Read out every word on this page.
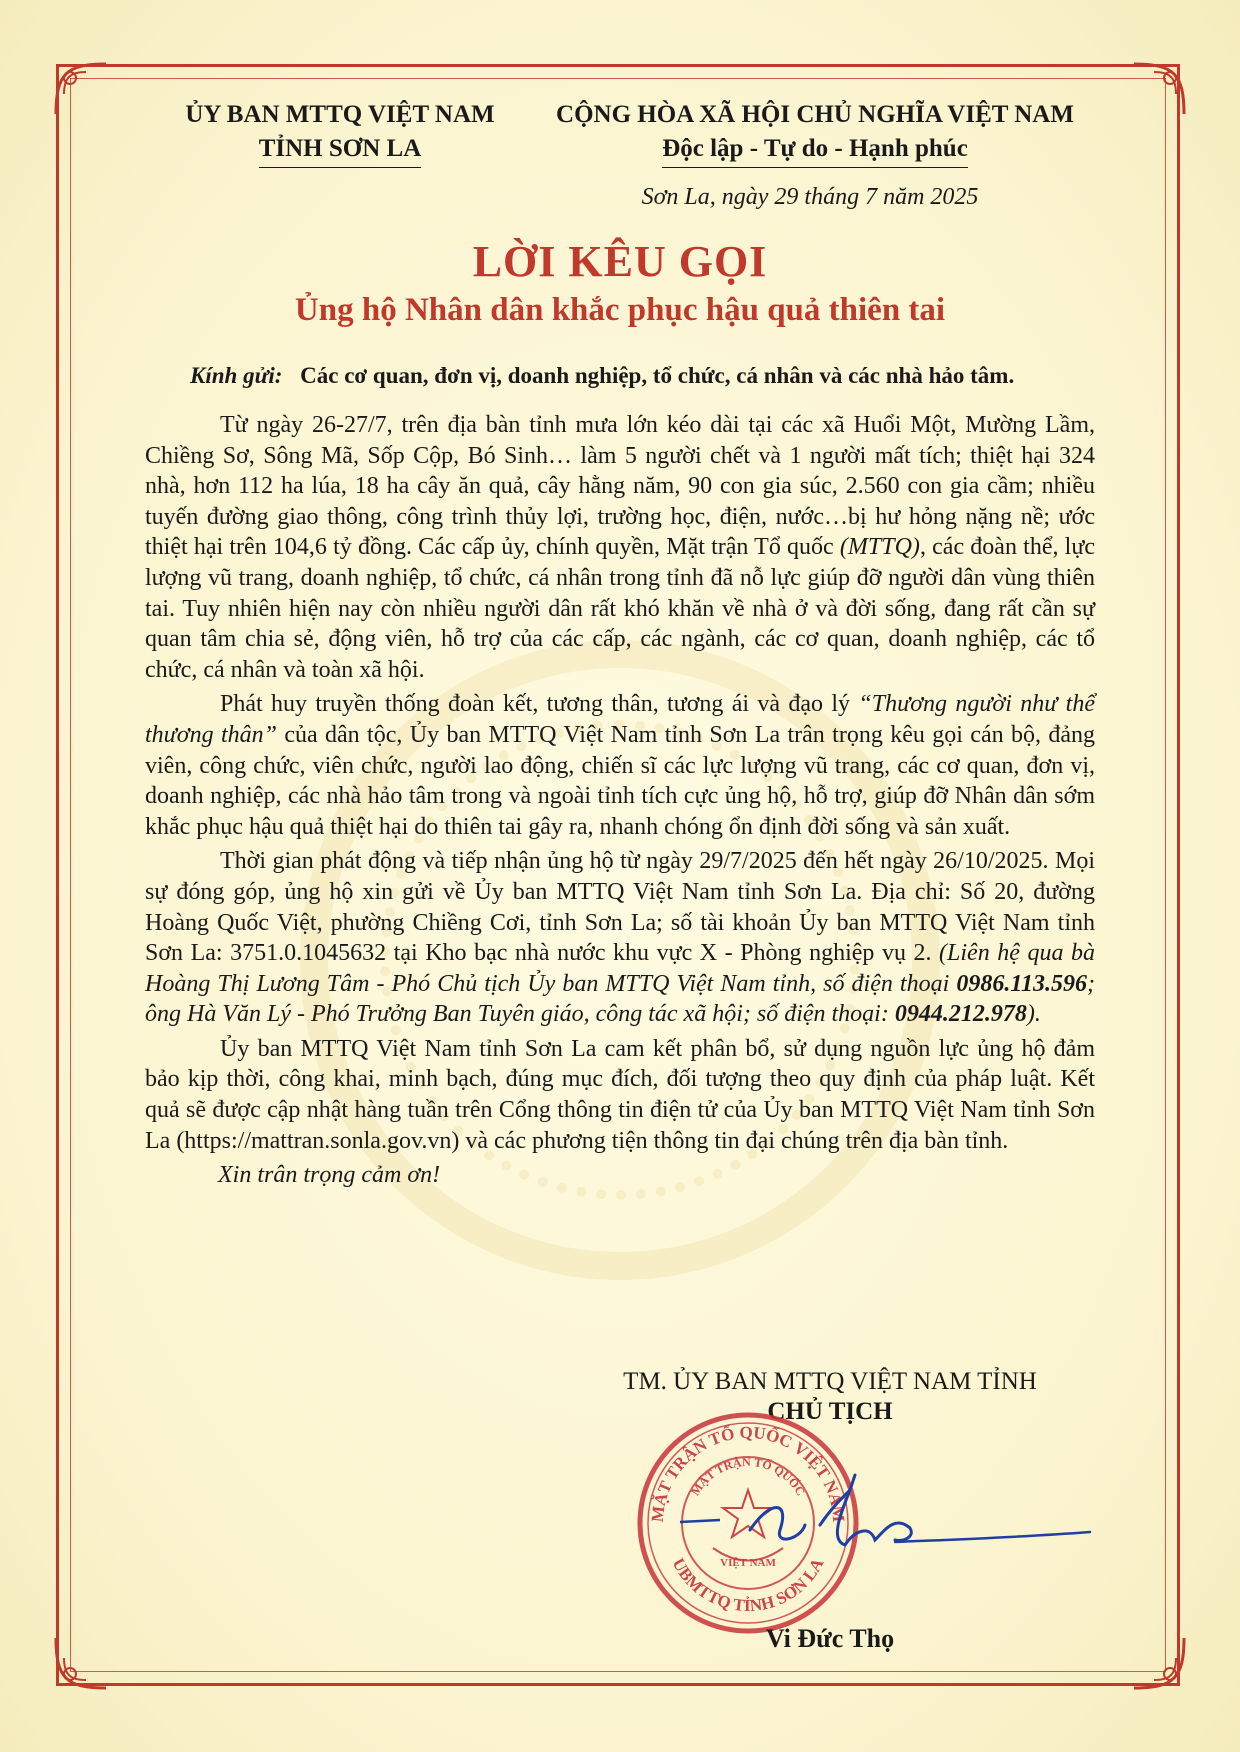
ỦY BAN MTTQ VIỆT NAM
TỈNH SƠN LA
CỘNG HÒA XÃ HỘI CHỦ NGHĨA VIỆT NAM
Độc lập - Tự do - Hạnh phúc
Sơn La, ngày 29 tháng 7 năm 2025
LỜI KÊU GỌI
Ủng hộ Nhân dân khắc phục hậu quả thiên tai
Kính gửi: Các cơ quan, đơn vị, doanh nghiệp, tổ chức, cá nhân và các nhà hảo tâm.

Từ ngày 26-27/7, trên địa bàn tỉnh mưa lớn kéo dài tại các xã Huổi Một, Mường Lầm, Chiềng Sơ, Sông Mã, Sốp Cộp, Bó Sinh… làm 5 người chết và 1 người mất tích; thiệt hại 324 nhà, hơn 112 ha lúa, 18 ha cây ăn quả, cây hằng năm, 90 con gia súc, 2.560 con gia cầm; nhiều tuyến đường giao thông, công trình thủy lợi, trường học, điện, nước…bị hư hỏng nặng nề; ước thiệt hại trên 104,6 tỷ đồng. Các cấp ủy, chính quyền, Mặt trận Tổ quốc (MTTQ), các đoàn thể, lực lượng vũ trang, doanh nghiệp, tổ chức, cá nhân trong tỉnh đã nỗ lực giúp đỡ người dân vùng thiên tai. Tuy nhiên hiện nay còn nhiều người dân rất khó khăn về nhà ở và đời sống, đang rất cần sự quan tâm chia sẻ, động viên, hỗ trợ của các cấp, các ngành, các cơ quan, doanh nghiệp, các tổ chức, cá nhân và toàn xã hội.

Phát huy truyền thống đoàn kết, tương thân, tương ái và đạo lý “Thương người như thể thương thân” của dân tộc, Ủy ban MTTQ Việt Nam tỉnh Sơn La trân trọng kêu gọi cán bộ, đảng viên, công chức, viên chức, người lao động, chiến sĩ các lực lượng vũ trang, các cơ quan, đơn vị, doanh nghiệp, các nhà hảo tâm trong và ngoài tỉnh tích cực ủng hộ, hỗ trợ, giúp đỡ Nhân dân sớm khắc phục hậu quả thiệt hại do thiên tai gây ra, nhanh chóng ổn định đời sống và sản xuất.

Thời gian phát động và tiếp nhận ủng hộ từ ngày 29/7/2025 đến hết ngày 26/10/2025. Mọi sự đóng góp, ủng hộ xin gửi về Ủy ban MTTQ Việt Nam tỉnh Sơn La. Địa chỉ: Số 20, đường Hoàng Quốc Việt, phường Chiềng Cơi, tỉnh Sơn La; số tài khoản Ủy ban MTTQ Việt Nam tỉnh Sơn La: 3751.0.1045632 tại Kho bạc nhà nước khu vực X - Phòng nghiệp vụ 2. (Liên hệ qua bà Hoàng Thị Lương Tâm - Phó Chủ tịch Ủy ban MTTQ Việt Nam tỉnh, số điện thoại 0986.113.596; ông Hà Văn Lý - Phó Trưởng Ban Tuyên giáo, công tác xã hội; số điện thoại: 0944.212.978).

Ủy ban MTTQ Việt Nam tỉnh Sơn La cam kết phân bổ, sử dụng nguồn lực ủng hộ đảm bảo kịp thời, công khai, minh bạch, đúng mục đích, đối tượng theo quy định của pháp luật. Kết quả sẽ được cập nhật hàng tuần trên Cổng thông tin điện tử của Ủy ban MTTQ Việt Nam tỉnh Sơn La (https://mattran.sonla.gov.vn) và các phương tiện thông tin đại chúng trên địa bàn tỉnh.

Xin trân trọng cảm ơn!

TM. ỦY BAN MTTQ VIỆT NAM TỈNH
CHỦ TỊCH
MẶT TRẬN TỔ QUỐC VIỆT NAM
MẶT TRẬN TỔ QUỐC
UBMTTQ TỈNH SƠN LA
VIỆT NAM
Vi Đức Thọ
